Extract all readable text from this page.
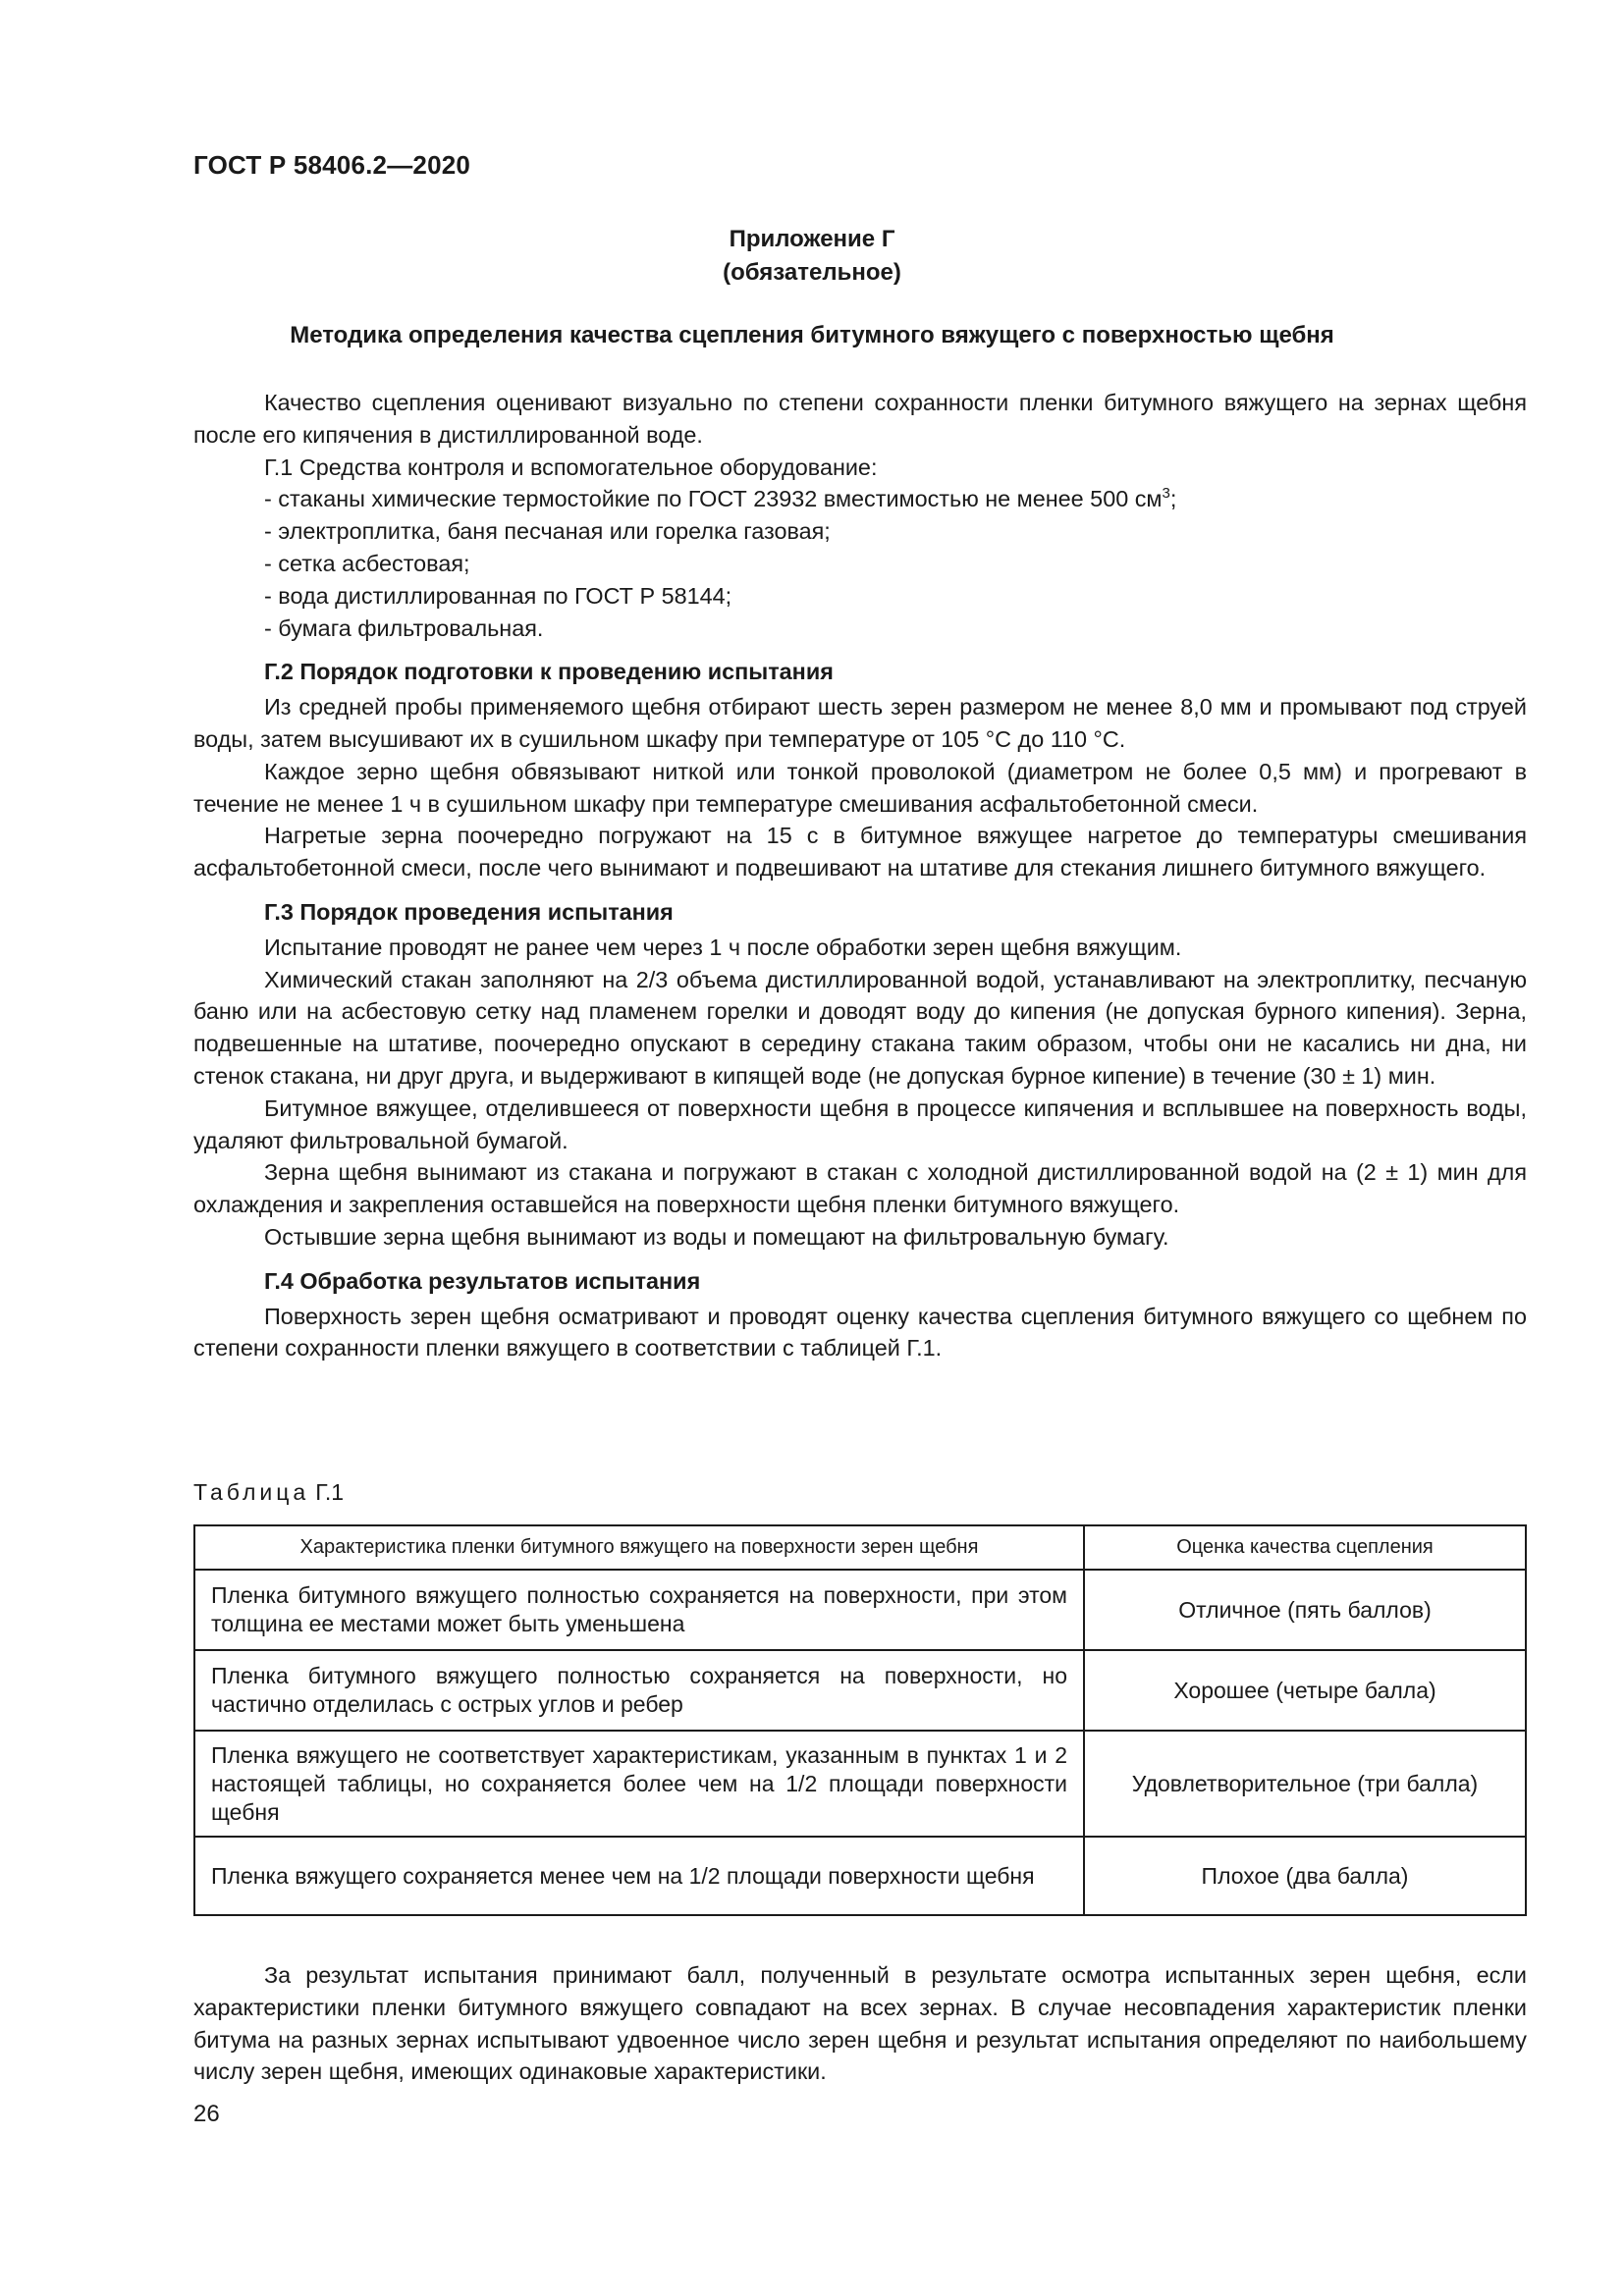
ГОСТ Р 58406.2—2020
Приложение Г
(обязательное)
Методика определения качества сцепления битумного вяжущего с поверхностью щебня

Качество сцепления оценивают визуально по степени сохранности пленки битумного вяжущего на зернах щебня после его кипячения в дистиллированной воде.

Г.1 Средства контроля и вспомогательное оборудование:
- стаканы химические термостойкие по ГОСТ 23932 вместимостью не менее 500 $см^3$;
- электроплитка, баня песчаная или горелка газовая;
- сетка асбестовая;
- вода дистиллированная по ГОСТ Р 58144;
- бумага фильтровальная.
Г.2 Порядок подготовки к проведению испытания

Из средней пробы применяемого щебня отбирают шесть зерен размером не менее 8,0 мм и промывают под струей воды, затем высушивают их в сушильном шкафу при температуре от 105 °С до 110 °С.

Каждое зерно щебня обвязывают ниткой или тонкой проволокой (диаметром не более 0,5 мм) и прогревают в течение не менее 1 ч в сушильном шкафу при температуре смешивания асфальтобетонной смеси.

Нагретые зерна поочередно погружают на 15 с в битумное вяжущее нагретое до температуры смешивания асфальтобетонной смеси, после чего вынимают и подвешивают на штативе для стекания лишнего битумного вяжущего.

Г.3 Порядок проведения испытания

Испытание проводят не ранее чем через 1 ч после обработки зерен щебня вяжущим.

Химический стакан заполняют на 2/3 объема дистиллированной водой, устанавливают на электроплитку, песчаную баню или на асбестовую сетку над пламенем горелки и доводят воду до кипения (не допуская бурного кипения). Зерна, подвешенные на штативе, поочередно опускают в середину стакана таким образом, чтобы они не касались ни дна, ни стенок стакана, ни друг друга, и выдерживают в кипящей воде (не допуская бурное кипение) в течение (30 ± 1) мин.

Битумное вяжущее, отделившееся от поверхности щебня в процессе кипячения и всплывшее на поверхность воды, удаляют фильтровальной бумагой.

Зерна щебня вынимают из стакана и погружают в стакан с холодной дистиллированной водой на (2 ± 1) мин для охлаждения и закрепления оставшейся на поверхности щебня пленки битумного вяжущего.

Остывшие зерна щебня вынимают из воды и помещают на фильтровальную бумагу.

Г.4 Обработка результатов испытания

Поверхность зерен щебня осматривают и проводят оценку качества сцепления битумного вяжущего со щебнем по степени сохранности пленки вяжущего в соответствии с таблицей Г.1.

Таблица Г.1
Характеристика пленки битумного вяжущего на поверхности зерен щебня	Оценка качества сцепления
Пленка битумного вяжущего полностью сохраняется на поверхности, при этом толщина ее местами может быть уменьшена	Отличное (пять баллов)
Пленка битумного вяжущего полностью сохраняется на поверхности, но частично отделилась с острых углов и ребер	Хорошее (четыре балла)
Пленка вяжущего не соответствует характеристикам, указанным в пунктах 1 и 2 настоящей таблицы, но сохраняется более чем на 1/2 площади поверхности щебня	Удовлетворительное (три балла)
Пленка вяжущего сохраняется менее чем на 1/2 площади поверхности щебня	Плохое (два балла)

За результат испытания принимают балл, полученный в результате осмотра испытанных зерен щебня, если характеристики пленки битумного вяжущего совпадают на всех зернах. В случае несовпадения характеристик пленки битума на разных зернах испытывают удвоенное число зерен щебня и результат испытания определяют по наибольшему числу зерен щебня, имеющих одинаковые характеристики.

26
